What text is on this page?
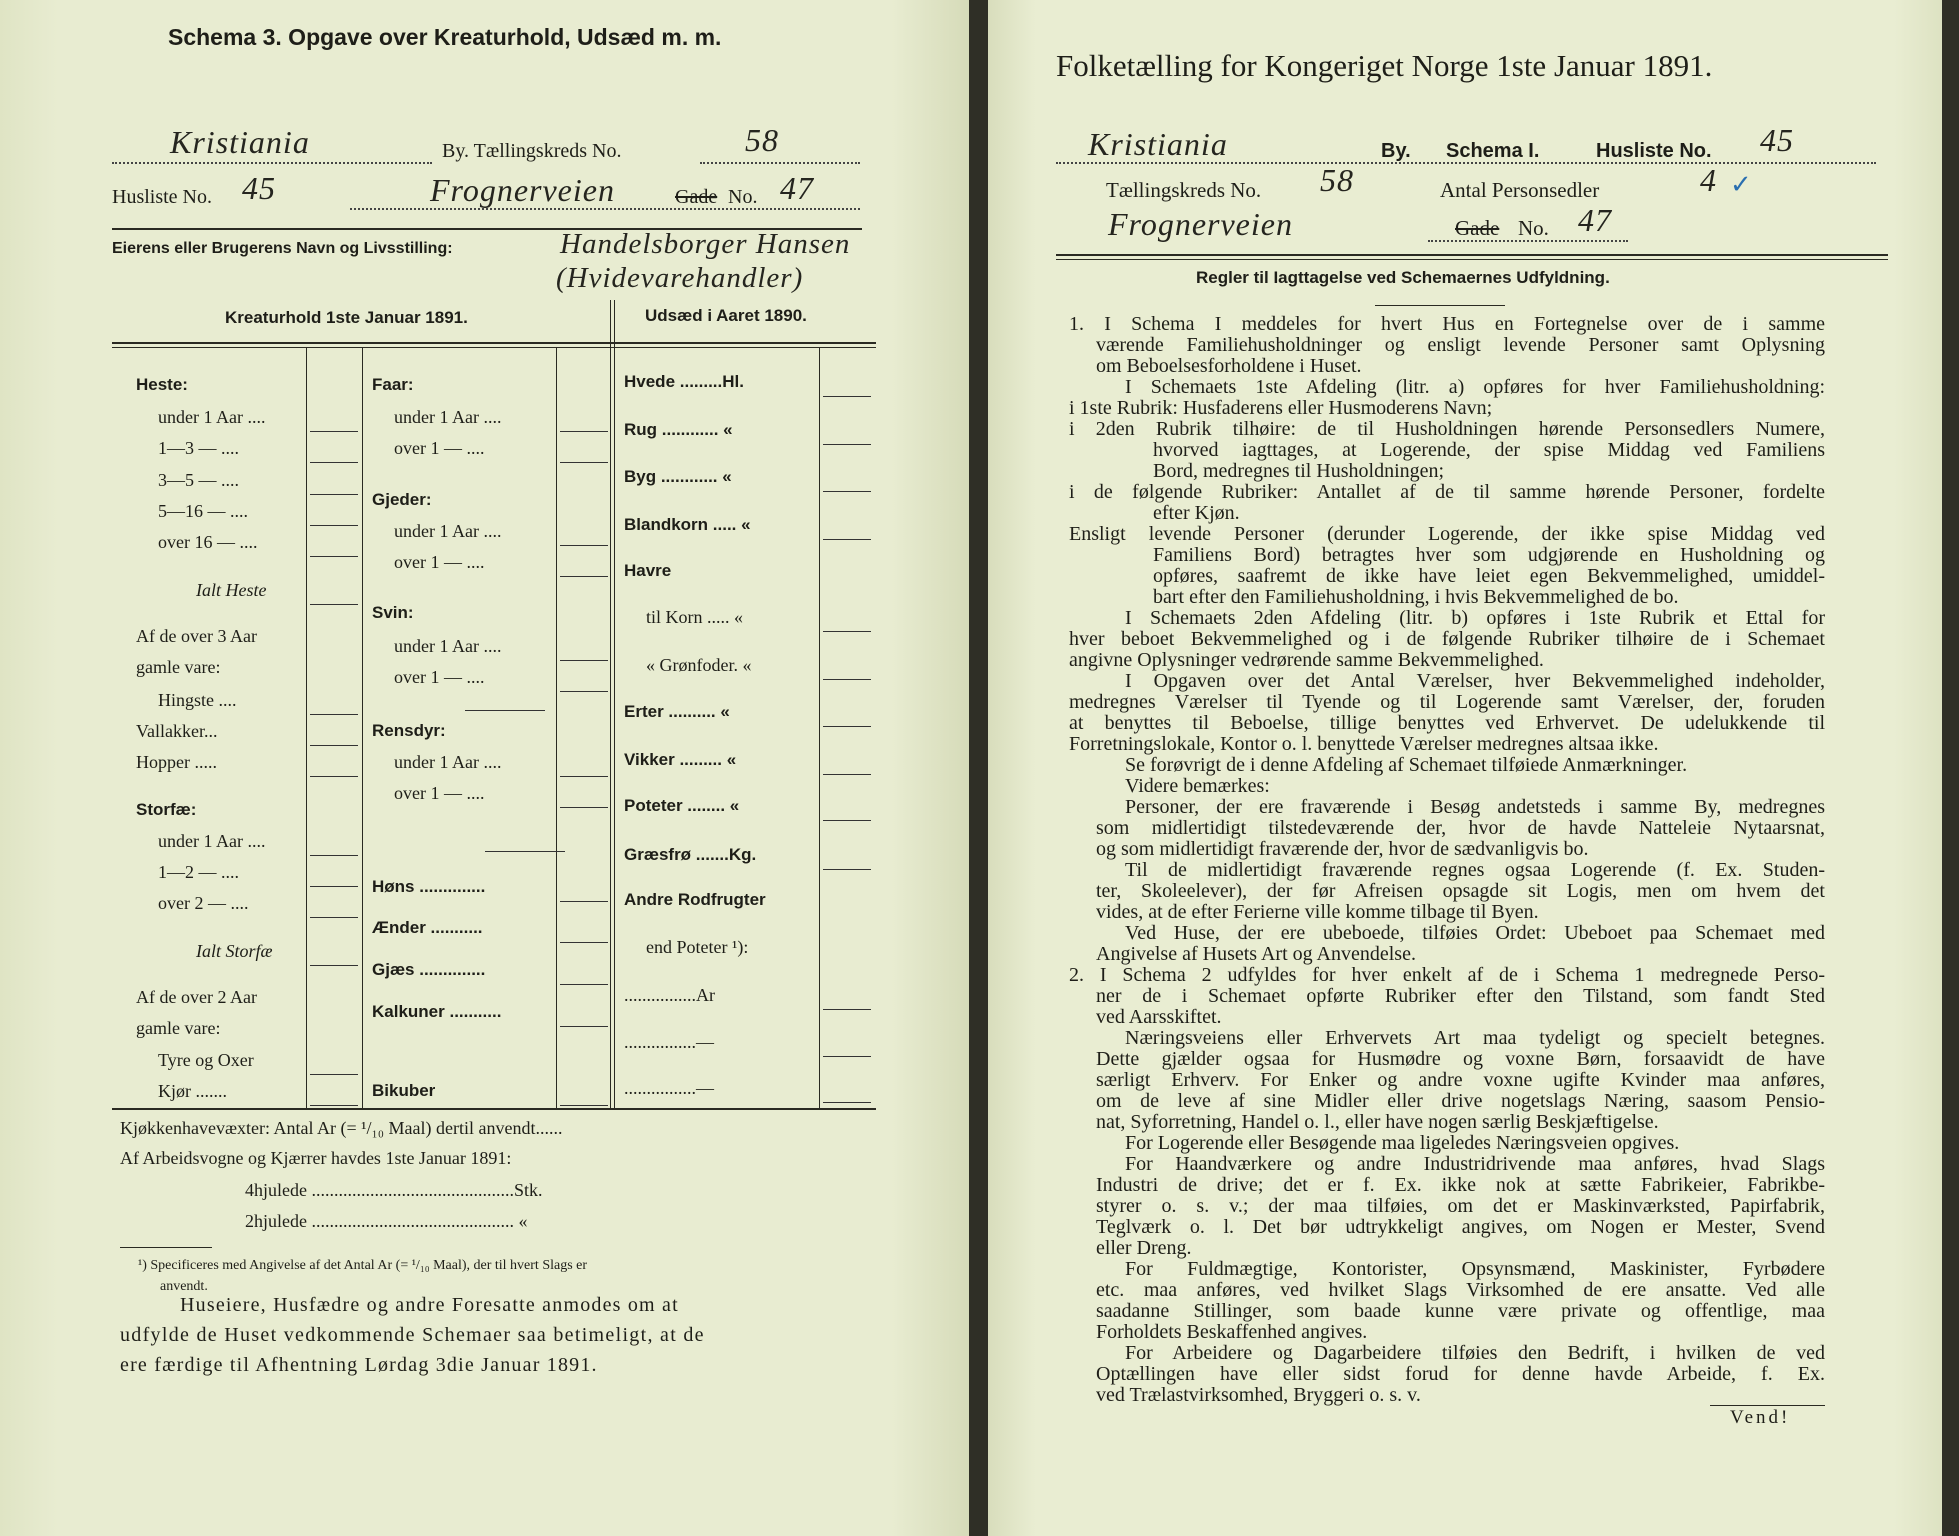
Schema 3. Opgave over Kreaturhold, Udsæd m. m.
Kristiania	By. Tællingskreds No.	58
Husliste No. 45	Frognerveien	Gade No. 47
Eierens eller Brugerens Navn og Livsstilling:	Handelsborger Hansen
(Hvidevarehandler)
Kreaturhold 1ste Januar 1891.	Udsæd i Aaret 1890.
Heste:
under 1 Aar ....
1—3 — ....
3—5 — ....
5—16 — ....
over 16 — ....
Ialt Heste
Af de over 3 Aar
gamle vare:
Hingste ....
Vallakker...
Hopper .....
Storfæ:
under 1 Aar ....
1—2 — ....
over 2 — ....
Ialt Storfæ
Af de over 2 Aar
gamle vare:
Tyre og Oxer
Kjør .......
Faar:
under 1 Aar ....
over 1 — ....
Gjeder:
under 1 Aar ....
over 1 — ....
Svin:
under 1 Aar ....
over 1 — ....
Rensdyr:
under 1 Aar ....
over 1 — ....
Høns ..............
Ænder ...........
Gjæs ..............
Kalkuner ...........
Bikuber
Hvede .........Hl.
Rug ............ «
Byg ............ «
Blandkorn ..... «
Havre
til Korn ..... «
« Grønfoder. «
Erter .......... «
Vikker ......... «
Poteter ........ «
Græsfrø .......Kg.
Andre Rodfrugter
end Poteter ¹):
................Ar
................—
................—
Kjøkkenhavevæxter: Antal Ar (= ¹/₁₀ Maal) dertil anvendt......
Af Arbeidsvogne og Kjærrer havdes 1ste Januar 1891:
4hjulede .............................................Stk.
2hjulede ............................................. «
¹) Specificeres med Angivelse af det Antal Ar (= ¹/₁₀ Maal), der til hvert Slags er
anvendt.
Huseiere, Husfædre og andre Foresatte anmodes om at
udfylde de Huset vedkommende Schemaer saa betimeligt, at de
ere færdige til Afhentning Lørdag 3die Januar 1891.
Folketælling for Kongeriget Norge 1ste Januar 1891.
Kristiania	By. Schema I.	Husliste No. 45
Tællingskreds No. 58	Antal Personsedler	4 ✓
Frognerveien	Gade No. 47
Regler til Iagttagelse ved Schemaernes Udfyldning.
1. I Schema I meddeles for hvert Hus en Fortegnelse over de i samme
værende Familiehusholdninger og ensligt levende Personer samt Oplysning
om Beboelsesforholdene i Huset.
I Schemaets 1ste Afdeling (litr. a) opføres for hver Familiehusholdning:
i 1ste Rubrik: Husfaderens eller Husmoderens Navn;
i 2den Rubrik tilhøire: de til Husholdningen hørende Personsedlers Numere,
hvorved iagttages, at Logerende, der spise Middag ved Familiens
Bord, medregnes til Husholdningen;
i de følgende Rubriker: Antallet af de til samme hørende Personer, fordelte
efter Kjøn.
Ensligt levende Personer (derunder Logerende, der ikke spise Middag ved
Familiens Bord) betragtes hver som udgjørende en Husholdning og
opføres, saafremt de ikke have leiet egen Bekvemmelighed, umiddel-
bart efter den Familiehusholdning, i hvis Bekvemmelighed de bo.
I Schemaets 2den Afdeling (litr. b) opføres i 1ste Rubrik et Ettal for
hver beboet Bekvemmelighed og i de følgende Rubriker tilhøire de i Schemaet
angivne Oplysninger vedrørende samme Bekvemmelighed.
I Opgaven over det Antal Værelser, hver Bekvemmelighed indeholder,
medregnes Værelser til Tyende og til Logerende samt Værelser, der, foruden
at benyttes til Beboelse, tillige benyttes ved Erhvervet. De udelukkende til
Forretningslokale, Kontor o. l. benyttede Værelser medregnes altsaa ikke.
Se forøvrigt de i denne Afdeling af Schemaet tilføiede Anmærkninger.
Videre bemærkes:
Personer, der ere fraværende i Besøg andetsteds i samme By, medregnes
som midlertidigt tilstedeværende der, hvor de havde Natteleie Nytaarsnat,
og som midlertidigt fraværende der, hvor de sædvanligvis bo.
Til de midlertidigt fraværende regnes ogsaa Logerende (f. Ex. Studen-
ter, Skoleelever), der før Afreisen opsagde sit Logis, men om hvem det
vides, at de efter Ferierne ville komme tilbage til Byen.
Ved Huse, der ere ubeboede, tilføies Ordet: Ubeboet paa Schemaet med
Angivelse af Husets Art og Anvendelse.
2. I Schema 2 udfyldes for hver enkelt af de i Schema 1 medregnede Perso-
ner de i Schemaet opførte Rubriker efter den Tilstand, som fandt Sted
ved Aarsskiftet.
Næringsveiens eller Erhvervets Art maa tydeligt og specielt betegnes.
Dette gjælder ogsaa for Husmødre og voxne Børn, forsaavidt de have
særligt Erhverv. For Enker og andre voxne ugifte Kvinder maa anføres,
om de leve af sine Midler eller drive nogetslags Næring, saasom Pensio-
nat, Syforretning, Handel o. l., eller have nogen særlig Beskjæftigelse.
For Logerende eller Besøgende maa ligeledes Næringsveien opgives.
For Haandværkere og andre Industridrivende maa anføres, hvad Slags
Industri de drive; det er f. Ex. ikke nok at sætte Fabrikeier, Fabrikbe-
styrer o. s. v.; der maa tilføies, om det er Maskinværksted, Papirfabrik,
Teglværk o. l. Det bør udtrykkeligt angives, om Nogen er Mester, Svend
eller Dreng.
For Fuldmægtige, Kontorister, Opsynsmænd, Maskinister, Fyrbødere
etc. maa anføres, ved hvilket Slags Virksomhed de ere ansatte. Ved alle
saadanne Stillinger, som baade kunne være private og offentlige, maa
Forholdets Beskaffenhed angives.
For Arbeidere og Dagarbeidere tilføies den Bedrift, i hvilken de ved
Optællingen have eller sidst forud for denne havde Arbeide, f. Ex.
ved Trælastvirksomhed, Bryggeri o. s. v.
Vend!
